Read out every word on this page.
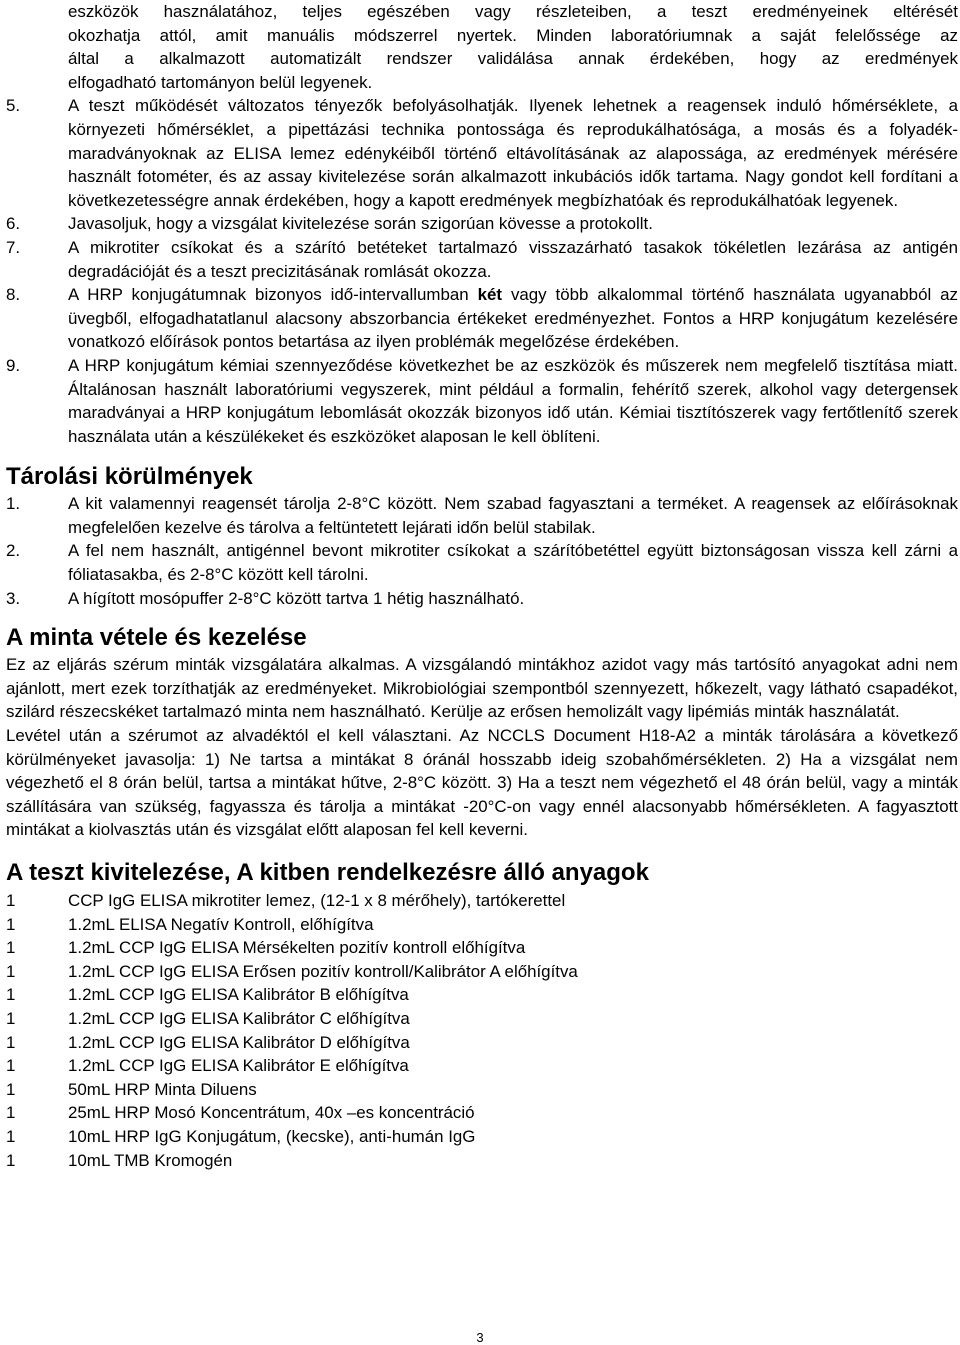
eszközök használatához, teljes egészében vagy részleteiben, a teszt eredményeinek eltérését
okozhatja attól, amit manuális módszerrel nyertek. Minden laboratóriumnak a saját felelőssége az
által a alkalmazott automatizált rendszer validálása annak érdekében, hogy az eredmények
elfogadható tartományon belül legyenek.
5.	A teszt működését változatos tényezők befolyásolhatják. Ilyenek lehetnek a reagensek induló hőmérséklete, a környezeti hőmérséklet, a pipettázási technika pontossága és reprodukálhatósága, a mosás és a folyadék-maradványoknak az ELISA lemez edénykéiből történő eltávolításának az alapossága, az eredmények mérésére használt fotométer, és az assay kivitelezése során alkalmazott inkubációs idők tartama. Nagy gondot kell fordítani a következetességre annak érdekében, hogy a kapott eredmények megbízhatóak és reprodukálhatóak legyenek.
6.	Javasoljuk, hogy a vizsgálat kivitelezése során szigorúan kövesse a protokollt.
7.	A mikrotiter csíkokat és a szárító betéteket tartalmazó visszazárható tasakok tökéletlen lezárása az antigén degradációját és a teszt precizitásának romlását okozza.
8.	A HRP konjugátumnak bizonyos idő-intervallumban két vagy több alkalommal történő használata ugyanabból az üvegből, elfogadhatatlanul alacsony abszorbancia értékeket eredményezhet. Fontos a HRP konjugátum kezelésére vonatkozó előírások pontos betartása az ilyen problémák megelőzése érdekében.
9.	A HRP konjugátum kémiai szennyeződése következhet be az eszközök és műszerek nem megfelelő tisztítása miatt. Általánosan használt laboratóriumi vegyszerek, mint például a formalin, fehérítő szerek, alkohol vagy detergensek maradványai a HRP konjugátum lebomlását okozzák bizonyos idő után. Kémiai tisztítószerek vagy fertőtlenítő szerek használata után a készülékeket és eszközöket alaposan le kell öblíteni.
Tárolási körülmények
1.	A kit valamennyi reagensét tárolja 2-8°C között. Nem szabad fagyasztani a terméket. A reagensek az előírásoknak megfelelően kezelve és tárolva a feltüntetett lejárati időn belül stabilak.
2.	A fel nem használt, antigénnel bevont mikrotiter csíkokat a szárítóbetéttel együtt biztonságosan vissza kell zárni a fóliatasakba, és 2-8°C között kell tárolni.
3.	A hígított mosópuffer 2-8°C között tartva 1 hétig használható.
A minta vétele és kezelése
Ez az eljárás szérum minták vizsgálatára alkalmas. A vizsgálandó mintákhoz azidot vagy más tartósító anyagokat adni nem ajánlott, mert ezek torzíthatják az eredményeket. Mikrobiológiai szempontból szennyezett, hőkezelt, vagy látható csapadékot, szilárd részecskéket tartalmazó minta nem használható. Kerülje az erősen hemolizált vagy lipémiás minták használatát.
Levétel után a szérumot az alvadéktól el kell választani. Az NCCLS Document H18-A2 a minták tárolására a következő körülményeket javasolja: 1) Ne tartsa a mintákat 8 óránál hosszabb ideig szobahőmérsékleten. 2) Ha a vizsgálat nem végezhető el 8 órán belül, tartsa a mintákat hűtve, 2-8°C között. 3) Ha a teszt nem végezhető el 48 órán belül, vagy a minták szállítására van szükség, fagyassza és tárolja a mintákat -20°C-on vagy ennél alacsonyabb hőmérsékleten. A fagyasztott mintákat a kiolvasztás után és vizsgálat előtt alaposan fel kell keverni.
A teszt kivitelezése, A kitben rendelkezésre álló anyagok
1	CCP IgG ELISA mikrotiter lemez, (12-1 x 8 mérőhely), tartókerettel
1	1.2mL ELISA Negatív Kontroll, előhígítva
1	1.2mL CCP IgG ELISA Mérsékelten pozitív kontroll előhígítva
1	1.2mL CCP IgG ELISA Erősen pozitív kontroll/Kalibrátor A előhígítva
1	1.2mL CCP IgG ELISA Kalibrátor B előhígítva
1	1.2mL CCP IgG ELISA Kalibrátor C előhígítva
1	1.2mL CCP IgG ELISA Kalibrátor D előhígítva
1	1.2mL CCP IgG ELISA Kalibrátor E előhígítva
1	50mL HRP Minta Diluens
1	25mL HRP Mosó Koncentrátum, 40x –es koncentráció
1	10mL HRP IgG Konjugátum, (kecske), anti-humán IgG
1	10mL TMB Kromogén
3
